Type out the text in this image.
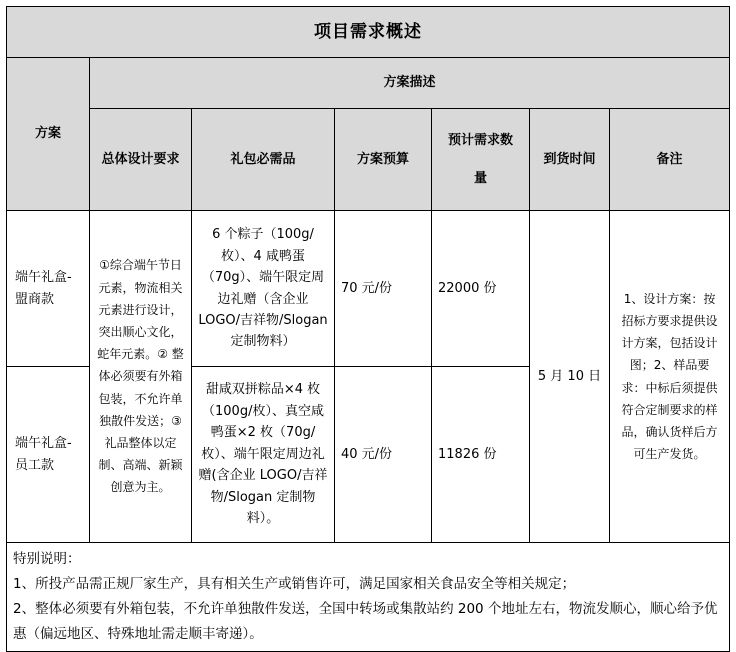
项目需求概述						
方案	方案描述					
	总体设计要求	礼包必需品	方案预算	预计需求数量	到货时间	备注
端午礼盒-盟商款	①综合端午节日元素，物流相关元素进行设计，突出顺心文化，蛇年元素。② 整体必须要有外箱包装，不允许单独散件发送；③ 礼品整体以定制、高端、新颖创意为主。	6 个粽子（100g/枚）、4 咸鸭蛋（70g）、端午限定周边礼赠（含企业 LOGO/吉祥物/Slogan 定制物料）	70 元/份	22000 份	5 月 10 日	1、设计方案：按招标方要求提供设计方案，包括设计图；2、样品要求：中标后须提供符合定制要求的样品，确认货样后方可生产发货。
端午礼盒-员工款		甜咸双拼粽品×4 枚（100g/枚）、真空咸鸭蛋×2 枚（70g/枚）、端午限定周边礼赠(含企业 LOGO/吉祥物/Slogan 定制物料）。	40 元/份	11826 份		

特别说明：
1、所投产品需正规厂家生产，具有相关生产或销售许可，满足国家相关食品安全等相关规定；
2、整体必须要有外箱包装，不允许单独散件发送，全国中转场或集散站约 200 个地址左右，物流发顺心，顺心给予优惠（偏远地区、特殊地址需走顺丰寄递）。						
